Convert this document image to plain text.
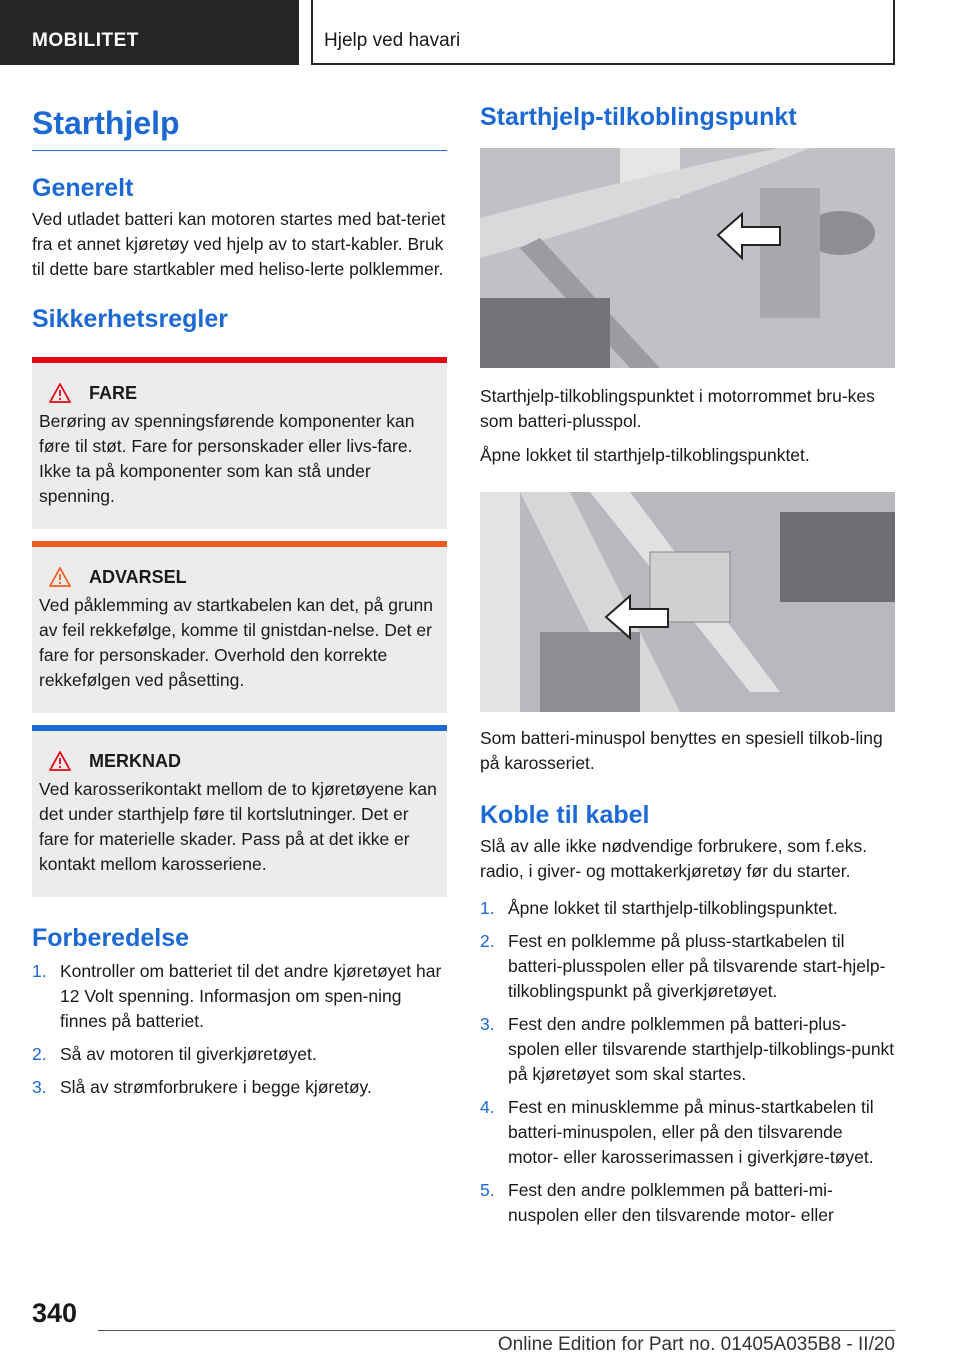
MOBILITET	Hjelp ved havari
Starthjelp
Generelt

Ved utladet batteri kan motoren startes med bat-teriet fra et annet kjøretøy ved hjelp av to start-kabler. Bruk til dette bare startkabler med heliso-lerte polklemmer.

Sikkerhetsregler
FARE

Berøring av spenningsførende komponenter kan føre til støt. Fare for personskader eller livs-fare. Ikke ta på komponenter som kan stå under spenning.

ADVARSEL

Ved påklemming av startkabelen kan det, på grunn av feil rekkefølge, komme til gnistdan-nelse. Det er fare for personskader. Overhold den korrekte rekkefølgen ved påsetting.

MERKNAD

Ved karosserikontakt mellom de to kjøretøyene kan det under starthjelp føre til kortslutninger. Det er fare for materielle skader. Pass på at det ikke er kontakt mellom karosseriene.

Forberedelse
1. Kontroller om batteriet til det andre kjøretøyet har 12 Volt spenning. Informasjon om spen-ning finnes på batteriet.
2. Så av motoren til giverkjøretøyet.
3. Slå av strømforbrukere i begge kjøretøy.
Starthjelp-tilkoblingspunkt

Starthjelp-tilkoblingspunktet i motorrommet bru-kes som batteri-plusspol.

Åpne lokket til starthjelp-tilkoblingspunktet.

Som batteri-minuspol benyttes en spesiell tilkob-ling på karosseriet.

Koble til kabel

Slå av alle ikke nødvendige forbrukere, som f.eks. radio, i giver- og mottakerkjøretøy før du starter.

1. Åpne lokket til starthjelp-tilkoblingspunktet.
2. Fest en polklemme på pluss-startkabelen til batteri-plusspolen eller på tilsvarende start-hjelp-tilkoblingspunkt på giverkjøretøyet.
3. Fest den andre polklemmen på batteri-plus-spolen eller tilsvarende starthjelp-tilkoblings-punkt på kjøretøyet som skal startes.
4. Fest en minusklemme på minus-startkabelen til batteri-minuspolen, eller på den tilsvarende motor- eller karosserimassen i giverkjøre-tøyet.
5. Fest den andre polklemmen på batteri-mi-nuspolen eller den tilsvarende motor- eller
340
Online Edition for Part no. 01405A035B8 - II/20
